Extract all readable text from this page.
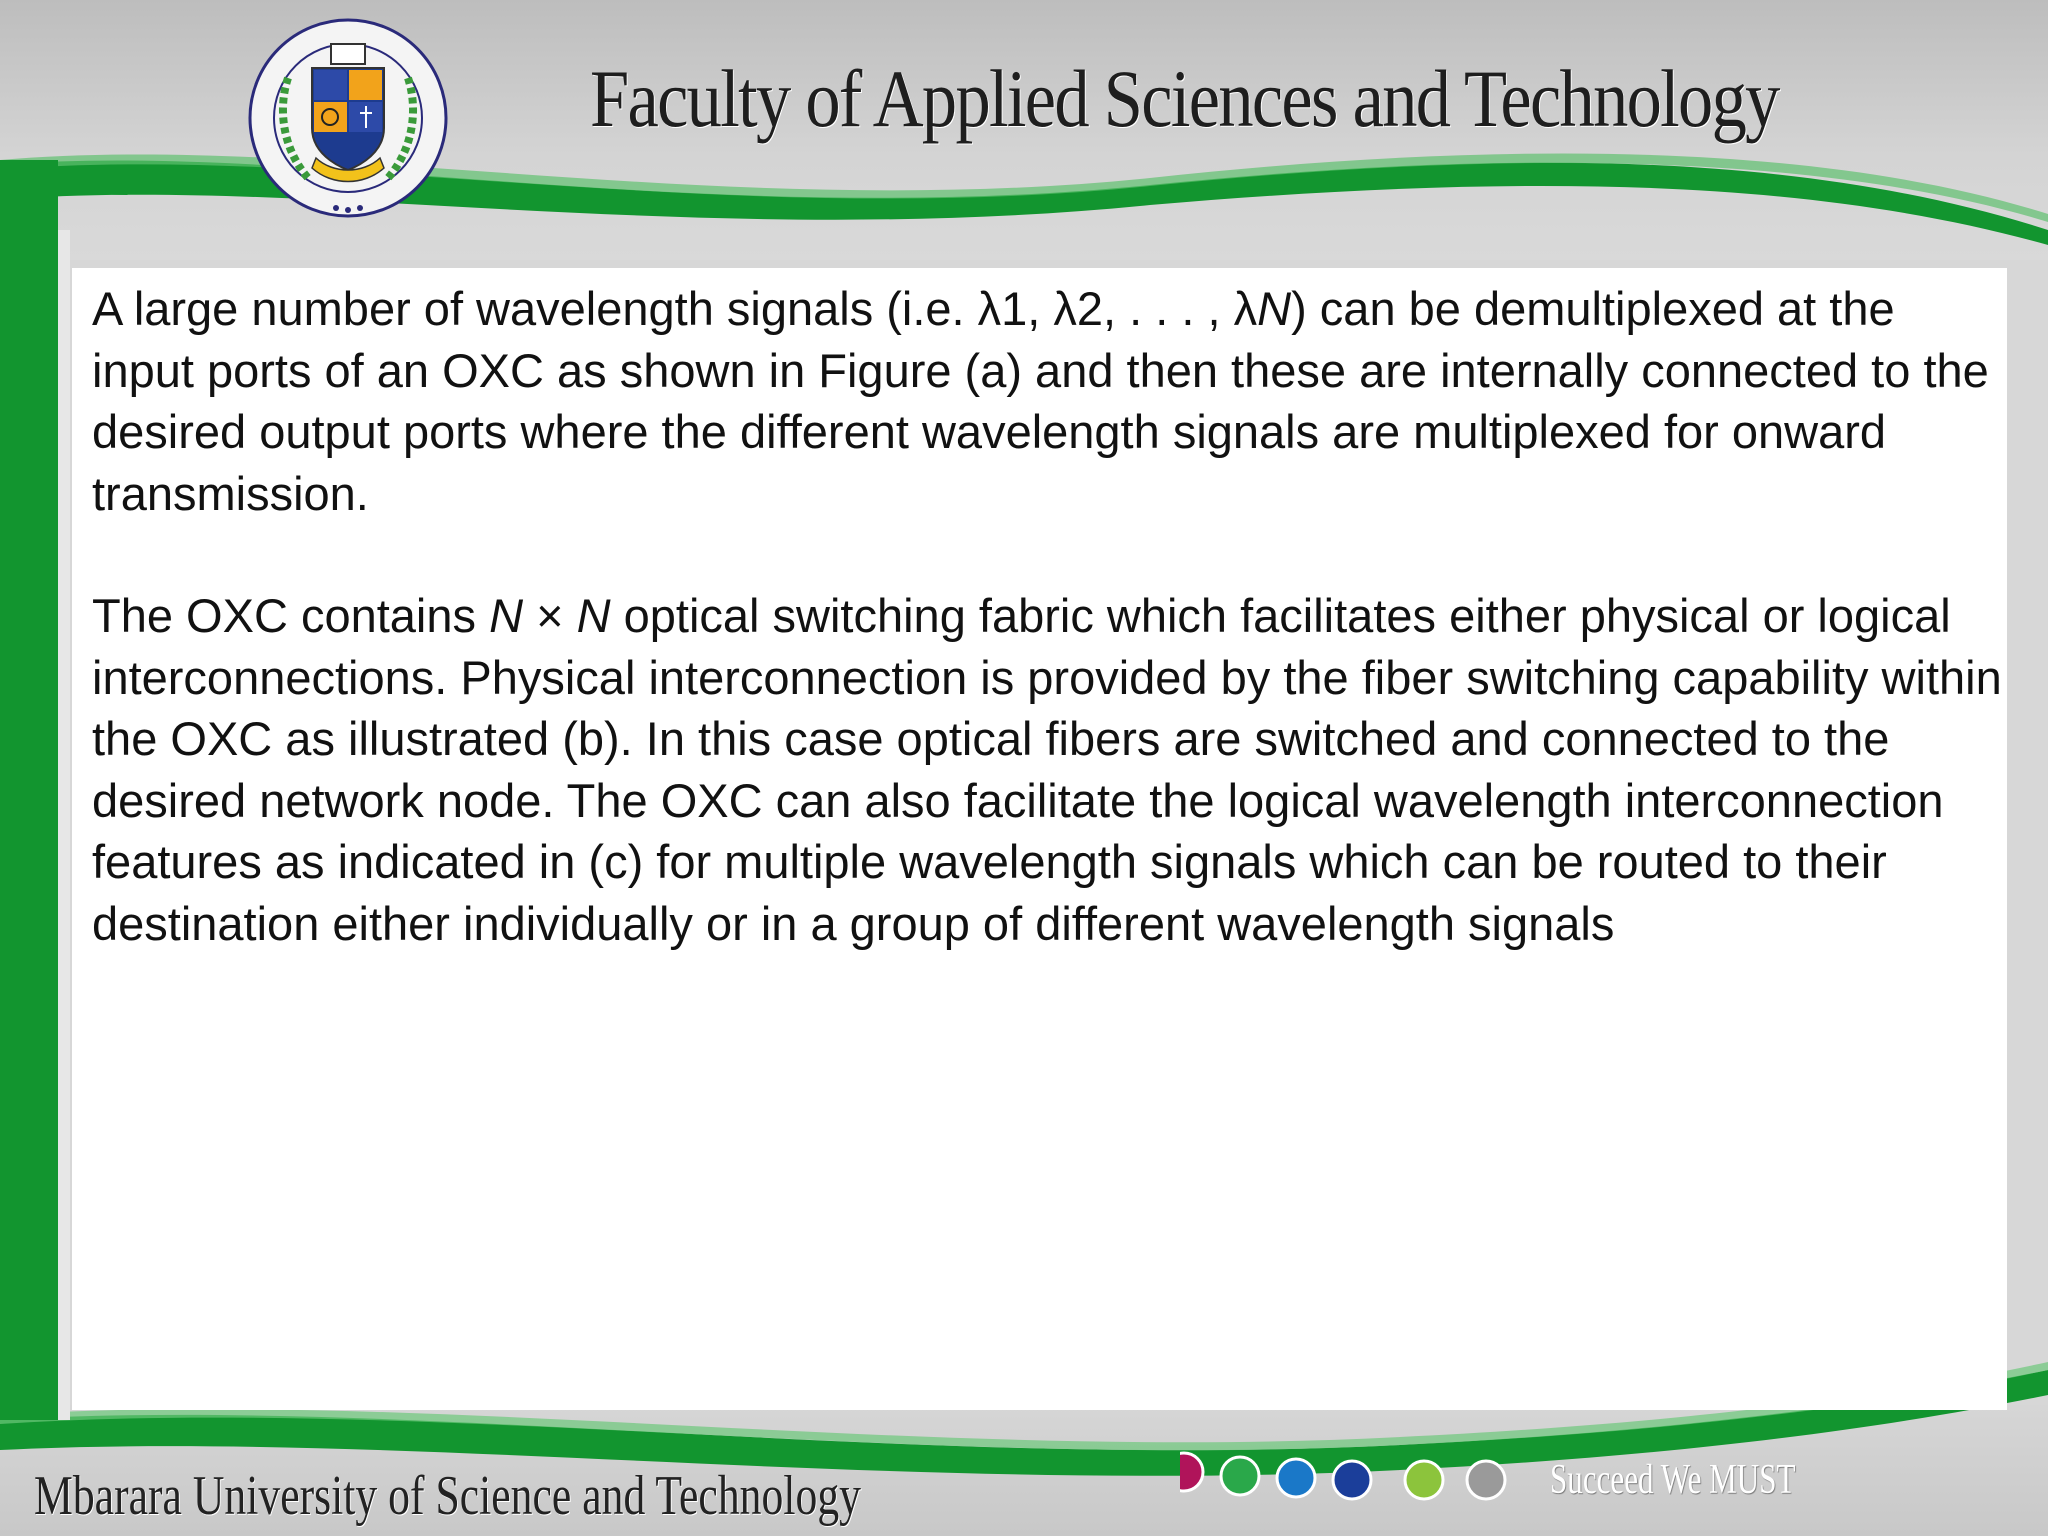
Faculty of Applied Sciences and Technology

A large number of wavelength signals (i.e. λ1, λ2, . . . , λN) can be demultiplexed at the input ports of an OXC as shown in Figure (a) and then these are internally connected to the desired output ports where the different wavelength signals are multiplexed for onward transmission.

The OXC contains N × N optical switching fabric which facilitates either physical or logical interconnections. Physical interconnection is provided by the fiber switching capability within the OXC as illustrated (b). In this case optical fibers are switched and connected to the desired network node. The OXC can also facilitate the logical wavelength interconnection features as indicated in (c) for multiple wavelength signals which can be routed to their destination either individually or in a group of different wavelength signals

Mbarara University of Science and Technology	Succeed We MUST
